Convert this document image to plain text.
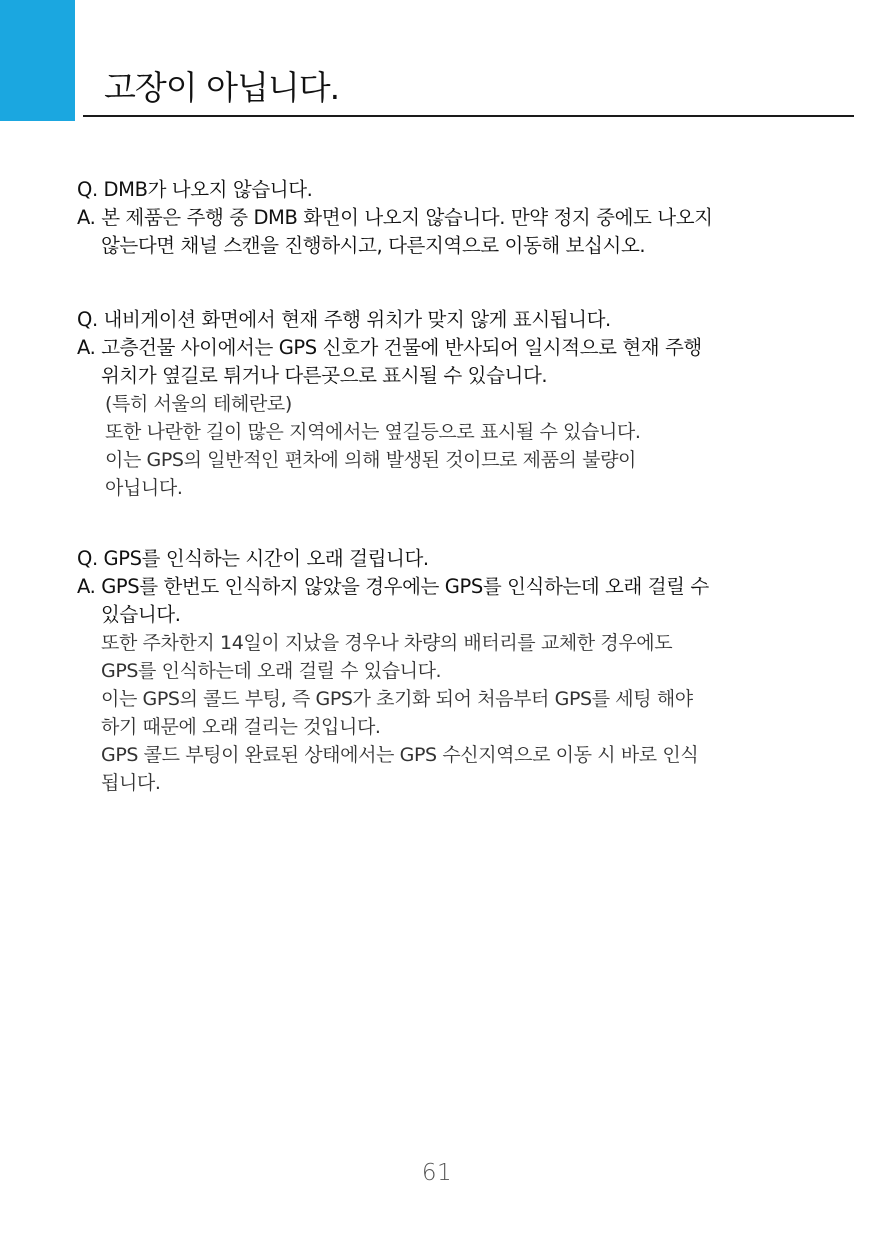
고장이 아닙니다.
Q. DMB가 나오지 않습니다.
A. 본 제품은 주행 중 DMB 화면이 나오지 않습니다. 만약 정지 중에도 나오지
않는다면 채널 스캔을 진행하시고, 다른지역으로 이동해 보십시오.
Q. 내비게이션 화면에서 현재 주행 위치가 맞지 않게 표시됩니다.
A. 고층건물 사이에서는 GPS 신호가 건물에 반사되어 일시적으로 현재 주행
위치가 옆길로 튀거나 다른곳으로 표시될 수 있습니다.
(특히 서울의 테헤란로)
또한 나란한 길이 많은 지역에서는 옆길등으로 표시될 수 있습니다.
이는 GPS의 일반적인 편차에 의해 발생된 것이므로 제품의 불량이
아닙니다.
Q. GPS를 인식하는 시간이 오래 걸립니다.
A. GPS를 한번도 인식하지 않았을 경우에는 GPS를 인식하는데 오래 걸릴 수
있습니다.
또한 주차한지 14일이 지났을 경우나 차량의 배터리를 교체한 경우에도
GPS를 인식하는데 오래 걸릴 수 있습니다.
이는 GPS의 콜드 부팅, 즉 GPS가 초기화 되어 처음부터 GPS를 세팅 해야
하기 때문에 오래 걸리는 것입니다.
GPS 콜드 부팅이 완료된 상태에서는 GPS 수신지역으로 이동 시 바로 인식
됩니다.
61
